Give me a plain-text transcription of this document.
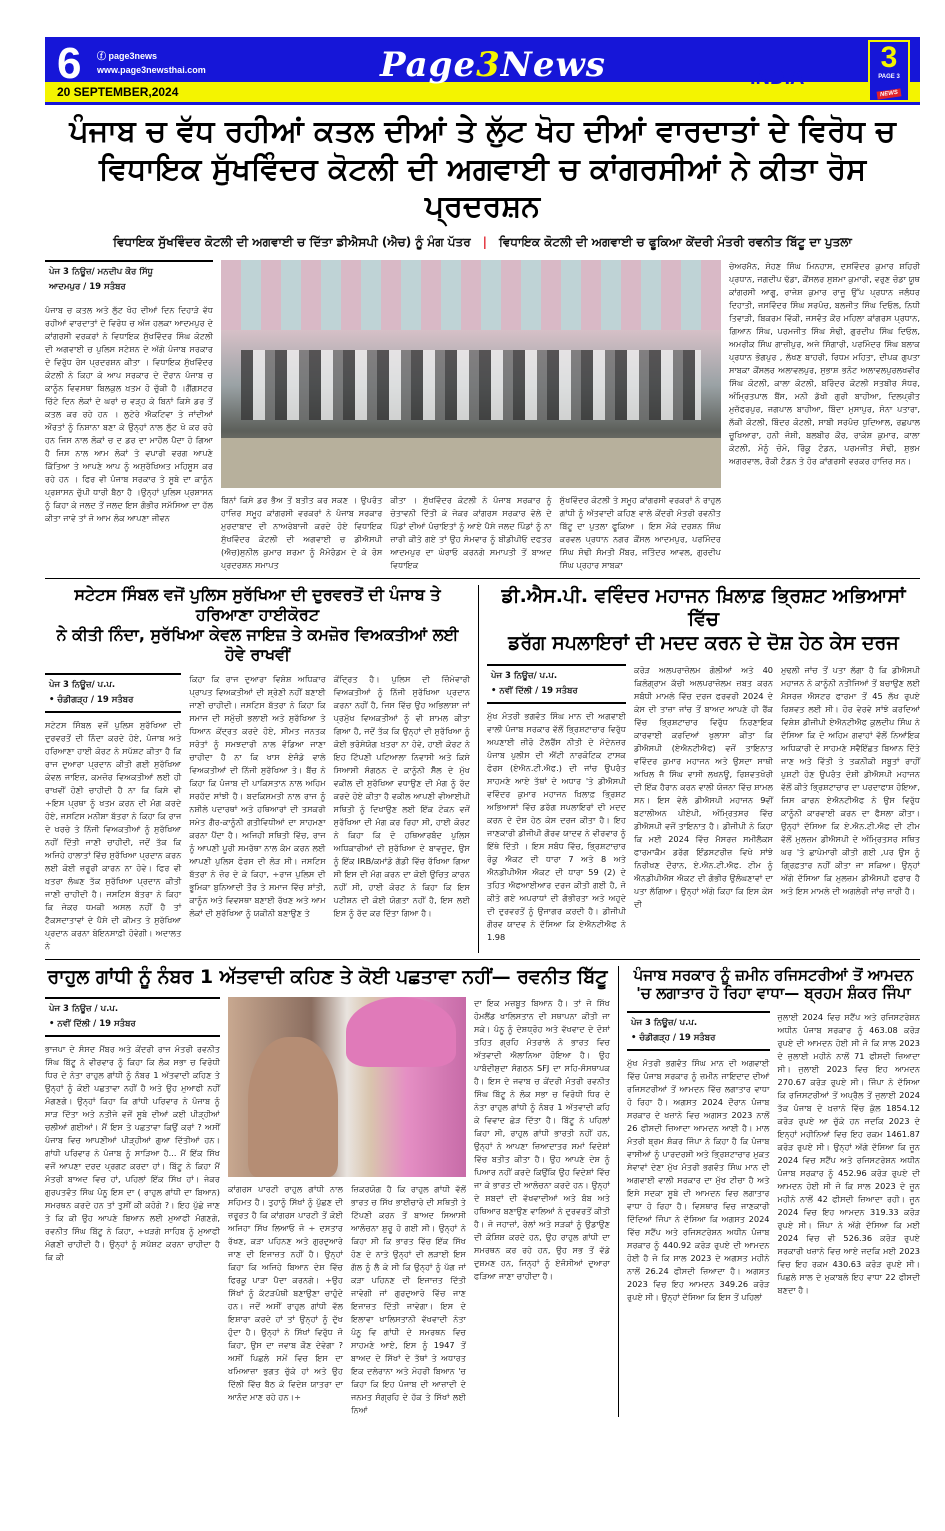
6 ⓕ page3news
www.page3newsthai.com
20 SEPTEMBER,2024
Page3News	INDIA
3
PAGE 3
NEWS
ਪੰਜਾਬ ਚ ਵੱਧ ਰਹੀਆਂ ਕਤਲ ਦੀਆਂ ਤੇ ਲੁੱਟ ਖੋਹ ਦੀਆਂ ਵਾਰਦਾਤਾਂ ਦੇ ਵਿਰੋਧ ਚ
ਵਿਧਾਇਕ ਸੁੱਖਵਿੰਦਰ ਕੋਟਲੀ ਦੀ ਅਗਵਾਈ ਚ ਕਾਂਗਰਸੀਆਂ ਨੇ ਕੀਤਾ ਰੋਸ ਪ੍ਰਦਰਸ਼ਨ
ਵਿਧਾਇਕ ਸੁੱਖਵਿੰਦਰ ਕੋਟਲੀ ਦੀ ਅਗਵਾਈ ਚ ਦਿੱਤਾ ਡੀਐਸਪੀ (ਐਚ) ਨੂੰ ਮੰਗ ਪੱਤਰ | ਵਿਧਾਇਕ ਕੋਟਲੀ ਦੀ ਅਗਵਾਈ ਚ ਫੂਕਿਆ ਕੇਂਦਰੀ ਮੰਤਰੀ ਰਵਨੀਤ ਬਿੱਟੂ ਦਾ ਪੁਤਲਾ
ਪੇਜ 3 ਨਿਊਜ਼/ ਮਨਦੀਪ ਕੌਰ ਸਿੱਧੂ
ਆਦਮਪੁਰ / 19 ਸਤੰਬਰ
ਪੰਜਾਬ ਚ ਕਤਲ ਅਤੇ ਲੁੱਟ ਖੋਹ ਦੀਆਂ ਦਿਨ ਦਿਹਾੜੇ ਵੱਧ ਰਹੀਆਂ ਵਾਰਦਾਤਾਂ ਦੇ ਵਿਰੋਧ ਚ ਅੱਜ ਹਲਕਾ ਆਦਮਪੁਰ ਦੇ ਕਾਂਗਰਸੀ ਵਰਕਰਾਂ ਨੇ ਵਿਧਾਇਕ ਸੁੱਖਵਿੰਦਰ ਸਿੰਘ ਕੋਟਲੀ ਦੀ ਅਗਵਾਈ ਚ ਪੁਲਿਸ ਸਟੇਸ਼ਨ ਦੇ ਅੱਗੇ ਪੰਜਾਬ ਸਰਕਾਰ ਦੇ ਵਿਰੁੱਧ ਰੋਸ ਪ੍ਰਦਰਸ਼ਨ ਕੀਤਾ । ਵਿਧਾਇਕ ਸੁੱਖਵਿੰਦਰ ਕੋਟਲੀ ਨੇ ਕਿਹਾ ਕੇ ਆਪ ਸਰਕਾਰ ਦੇ ਦੌਰਾਨ ਪੰਜਾਬ ਚ ਕਾਨੂੰਨ ਵਿਵਸਥਾ ਬਿਲਕੁਲ ਖ਼ਤਮ ਹੋ ਚੁੱਕੀ ਹੈ ।ਗੈਂਗਸਟਰ ਚਿੱਟੇ ਦਿਨ ਲੋਕਾਂ ਦੇ ਘਰਾਂ ਚ ਵੜ੍ਹ ਕੇ ਬਿਨਾਂ ਕਿਸੇ ਡਰ ਤੋਂ ਕਤਲ ਕਰ ਰਹੇ ਹਨ । ਲੁਟੇਰੇ ਐਕਟਿਵਾ ਤੇ ਜਾਂਦੀਆਂ ਔਰਤਾਂ ਨੂੰ ਨਿਸ਼ਾਨਾ ਬਣਾ ਕੇ ਉਨ੍ਹਾਂ ਨਾਲ ਲੁੱਟ ਖੋ ਕਰ ਰਹੇ ਹਨ ਜਿਸ ਨਾਲ ਲੋਕਾਂ ਚ ਦ ਡਰ ਦਾ ਮਾਹੌਲ ਪੈਦਾ ਹੋ ਗਿਆ ਹੈ ਜਿਸ ਨਾਲ ਆਮ ਲੋਕਾਂ ਤੇ ਵਪਾਰੀ ਵਰਗ ਆਪਣੇ ਕਿੱਤਿਆ ਤੇ ਆਪਣੇ ਆਪ ਨੂੰ ਅਸੁਰੱਖਿਅਤ ਮਹਿਸੂਸ ਕਰ ਰਹੇ ਹਨ । ਫਿਰ ਵੀ ਪੰਜਾਬ ਸਰਕਾਰ ਤੇ ਸੂਬੇ ਦਾ ਕਾਨੂੰਨ ਪ੍ਰਸ਼ਾਸਨ ਚੁੱਪੀ ਧਾਰੀ ਬੈਠਾ ਹੈ ।ਉਨ੍ਹਾਂ ਪੁਲਿਸ ਪ੍ਰਸ਼ਾਸਨ ਨੂੰ ਕਿਹਾ ਕੇ ਜਲਦ ਤੋਂ ਜਲਦ ਇਸ ਗੰਭੀਰ ਸਮੱਸਿਆ ਦਾ ਹੱਲ ਕੀਤਾ ਜਾਵੇ ਤਾਂ ਜੋ ਆਮ ਲੋਕ ਆਪਣਾ ਜੀਵਨ
ਬਿਨਾਂ ਕਿਸੇ ਡਰ ਭੈਅ ਤੋਂ ਬਤੀਤ ਕਰ ਸਕਣ । ਉਪਰੰਤ ਹਾਜ਼ਿਰ ਸਮੂਹ ਕਾਂਗਰਸੀ ਵਰਕਰਾਂ ਨੇ ਪੰਜਾਬ ਸਰਕਾਰ ਮੁਰਦਾਬਾਦ ਦੀ ਨਾਅਰੇਬਾਜੀ ਕਰਦੇ ਹੋਏ ਵਿਧਾਇਕ ਸੁੱਖਵਿੰਦਰ ਕੋਟਲੀ ਦੀ ਅਗਵਾਈ ਚ ਡੀਐਸਪੀ (ਐਚ)ਸੁਨੀਲ ਕੁਮਾਰ ਸ਼ਰਮਾ ਨੂੰ ਮੈਮੋਰੰਡਮ ਦੇ ਕੇ ਰੋਸ ਪ੍ਰਦਰਸ਼ਨ ਸਮਾਪਤ
ਕੀਤਾ । ਸੁੱਖਵਿੰਦਰ ਕੋਟਲੀ ਨੇ ਪੰਜਾਬ ਸਰਕਾਰ ਨੂੰ ਚੇਤਾਵਨੀ ਦਿੱਤੀ ਕੇ ਜੇਕਰ ਕਾਂਗਰਸ ਸਰਕਾਰ ਵੇਲੇ ਦੇ ਪਿੰਡਾਂ ਦੀਆਂ ਪੰਚਾਇਤਾਂ ਨੂੰ ਆਏ ਪੈਸੇ ਜਲਦ ਪਿੰਡਾਂ ਨੂੰ ਨਾ ਜ਼ਾਰੀ ਕੀਤੇ ਗਏ ਤਾਂ ਉਹ ਸੋਮਵਾਰ ਨੂੰ ਬੀਡੀਪੀਓ ਦਫਤਰ ਆਦਮਪੁਰ ਦਾ ਘੇਰਾਓ ਕਰਨਗੇ ਸਮਾਪਤੀ ਤੋਂ ਬਾਅਦ ਵਿਧਾਇਕ
ਸੁੱਖਵਿੰਦਰ ਕੋਟਲੀ ਤੇ ਸਮੂਹ ਕਾਂਗਰਸੀ ਵਰਕਰਾਂ ਨੇ ਰਾਹੁਲ ਗਾਂਧੀ ਨੂੰ ਅੱਤਵਾਦੀ ਕਹਿਣ ਵਾਲੇ ਕੇਂਦਰੀ ਮੰਤਰੀ ਰਵਨੀਤ ਬਿੱਟੂ ਦਾ ਪੁਤਲਾ ਫੂਕਿਆ । ਇਸ ਮੌਕੇ ਦਰਸ਼ਨ ਸਿੰਘ ਕਰਵਲ ਪ੍ਰਧਾਨ ਨਗਰ ਕੌਂਸਲ ਆਦਮਪੁਰ, ਪਰਮਿੰਦਰ ਸਿੰਘ ਸੋਢੀ ਸੰਮਤੀ ਮੈਂਬਰ, ਜਤਿੰਦਰ ਆਵਲ, ਗੁਰਦੀਪ ਸਿੰਘ ਪ੍ਰਹਾਰ ਸਾਬਕਾ
ਚੇਅਰਮੈਨ, ਸੋਹਣ ਸਿੰਘ ਮਿਨਹਾਸ, ਦਸਵਿੰਦਰ ਕੁਮਾਰ ਸ਼ਹਿਰੀ ਪ੍ਰਧਾਨ, ਜਗਦੀਪ ਢੱਡਾ, ਕੌਂਸਲਰ ਸੁਸ਼ਮਾ ਕੁਮਾਰੀ, ਵਰੁਣ ਚੋਡਾ ਯੂਥ ਕਾਂਗਰਸੀ ਆਗੂ, ਰਾਜੇਸ਼ ਕੁਮਾਰ ਰਾਜੂ ਉੱਪ ਪ੍ਰਧਾਨ ਜਲੰਧਰ ਦਿਹਾਤੀ, ਜਸਵਿੰਦਰ ਸਿੰਘ ਸਰਪੰਚ, ਬਲਜੀਤ ਸਿੰਘ ਦਿਓਲ, ਨਿਧੀ ਤਿਵਾੜੀ, ਬਿਕਰਮ ਵਿੱਕੀ, ਜਸਵੰਤ ਕੌਰ ਮਹਿਲਾ ਕਾਂਗਰਸ ਪ੍ਰਧਾਨ, ਗਿਆਨ ਸਿੰਘ, ਪਰਮਜੀਤ ਸਿੰਘ ਸੋਢੀ, ਗੁਰਦੀਪ ਸਿੰਘ ਦਿਓਲ, ਅਮਰੀਕ ਸਿੰਘ ਗਾਜ਼ੀਪੁਰ, ਅਜੇ ਸਿੰਗਾਰੀ, ਪਰਮਿੰਦਰ ਸਿੰਘ ਬਲਾਕ ਪ੍ਰਧਾਨ ਭੋਗਪੁਰ , ਲੱਖਣ ਬਾਹਰੀ, ਰਿਧਮ ਮਹਿਤਾ, ਦੀਪਕ ਗੁਪਤਾ ਸਾਬਕਾ ਕੌਂਸਲਰ ਅਲਾਵਲਪੁਰ, ਸੁਭਾਸ਼ ਭਨੋਟ ਅਲਾਵਲਪੁਰਲਖਵੀਰ ਸਿੰਘ ਕੋਟਲੀ, ਕਾਲਾ ਕੋਟਲੀ, ਬਰਿੰਦਰ ਕੋਟਲੀ ਸਤਬੀਰ ਸੰਧਰ, ਅੰਮ੍ਰਿਤਪਾਲ ਬੈਂਸ, ਮਨੀ ਡੱਖੀ ਗੁਰੀ ਬਾਹੀਆ, ਦਿਲਪ੍ਰੀਤ ਮੁਜ਼ੱਫਰਪੁਰ, ਜਗਪਾਲ ਬਾਹੀਆ, ਬਿੰਦਾ ਮੁਸਾਪੁਰ, ਸੋਨਾ ਪਤਾਰਾ, ਲੱਕੀ ਕੋਟਲੀ, ਬਿੰਦਰ ਕੋਟਲੀ, ਸਾਬੀ ਸਰਪੰਚ ਧੁਦਿਆਲ, ਰਛਪਾਲ ਚੂਖਿਆਰਾ, ਹਨੀ ਜੋਸ਼ੀ, ਬਲਬੀਰ ਕੌਰ, ਰਾਕੇਸ਼ ਕੁਮਾਰ, ਕਾਲਾ ਕੋਟਲੀ, ਮੋਨੂੰ ਚੋਮੋ, ਰਿੰਕੂ ਟੰਡਨ, ਪਰਮਜੀਤ ਸੋਢੀ, ਸ਼ੁਭਮ ਅਗਰਵਾਲ, ਰੌਕੀ ਟੰਡਨ ਤੇ ਹੋਰ ਕਾਂਗਰਸੀ ਵਰਕਰ ਹਾਜ਼ਿਰ ਸਨ।
ਸਟੇਟਸ ਸਿੰਬਲ ਵਜੋਂ ਪੁਲਿਸ ਸੁਰੱਖਿਆ ਦੀ ਦੁਰਵਰਤੋਂ ਦੀ ਪੰਜਾਬ ਤੇ ਹਰਿਆਣਾ ਹਾਈਕੋਰਟ
ਨੇ ਕੀਤੀ ਨਿੰਦਾ, ਸੁਰੱਖਿਆ ਕੇਵਲ ਜਾਇਜ਼ ਤੇ ਕਮਜ਼ੋਰ ਵਿਅਕਤੀਆਂ ਲਈ ਹੋਵੇ ਰਾਖਵੀਂ
ਪੇਜ 3 ਨਿਊਜ਼/ ਪ.ਪ.
• ਚੰਡੀਗੜ੍ਹ / 19 ਸਤੰਬਰ
ਸਟੇਟਸ ਸਿੰਬਲ ਵਜੋਂ ਪੁਲਿਸ ਸੁਰੱਖਿਆ ਦੀ ਦੁਰਵਰਤੋਂ ਦੀ ਨਿੰਦਾ ਕਰਦੇ ਹੋਏ, ਪੰਜਾਬ ਅਤੇ ਹਰਿਆਣਾ ਹਾਈ ਕੋਰਟ ਨੇ ਸਪੱਸ਼ਟ ਕੀਤਾ ਹੈ ਕਿ ਰਾਜ ਦੁਆਰਾ ਪ੍ਰਦਾਨ ਕੀਤੀ ਗਈ ਸੁਰੱਖਿਆ ਕੇਵਲ ਜਾਇਜ਼, ਕਮਜ਼ੋਰ ਵਿਅਕਤੀਆਂ ਲਈ ਹੀ ਰਾਖਵੀਂ ਹੋਣੀ ਚਾਹੀਦੀ ਹੈ ਨਾ ਕਿ ਕਿਸੇ ਵੀ ÷ਇਸ ਪ੍ਰਥਾ ਨੂੰ ਖਤਮ ਕਰਨ ਦੀ ਮੰਗ ਕਰਦੇ ਹੋਏ, ਜਸਟਿਸ ਮਨੀਸ਼ਾ ਬੱਤਰਾ ਨੇ ਕਿਹਾ ਕਿ ਰਾਜ ਦੇ ਖਰਚੇ ਤੇ ਨਿੱਜੀ ਵਿਅਕਤੀਆਂ ਨੂੰ ਸੁਰੱਖਿਆ ਨਹੀਂ ਦਿੱਤੀ ਜਾਣੀ ਚਾਹੀਦੀ, ਜਦੋਂ ਤੱਕ ਕਿ ਅਜਿਹੇ ਹਾਲਾਤਾਂ ਵਿੱਚ ਸੁਰੱਖਿਆ ਪ੍ਰਦਾਨ ਕਰਨ ਲਈ ਕੋਈ ਜ਼ਰੂਰੀ ਕਾਰਨ ਨਾ ਹੋਵੇ। ਫਿਰ ਵੀ ਖ਼ਤਰਾ ਲੰਘਣ ਤੱਕ ਸੁਰੱਖਿਆ ਪ੍ਰਦਾਨ ਕੀਤੀ ਜਾਣੀ ਚਾਹੀਦੀ ਹੈ। ਜਸਟਿਸ ਬੱਤਰਾ ਨੇ ਕਿਹਾ ਕਿ ਜੇਕਰ ਧਮਕੀ ਅਸਲ ਨਹੀਂ ਹੈ ਤਾਂ ਟੈਕਸਦਾਤਾਵਾਂ ਦੇ ਪੈਸੇ ਦੀ ਕੀਮਤ ਤੇ ਸੁਰੱਖਿਆ ਪ੍ਰਦਾਨ ਕਰਨਾ ਬੇਇਨਸਾਫ਼ੀ ਹੋਵੇਗੀ। ਅਦਾਲਤ ਨੇ
ਕਿਹਾ ਕਿ ਰਾਜ ਦੁਆਰਾ ਵਿਸ਼ੇਸ਼ ਅਧਿਕਾਰ ਪ੍ਰਾਪਤ ਵਿਅਕਤੀਆਂ ਦੀ ਸ਼੍ਰੇਣੀ ਨਹੀਂ ਬਣਾਈ ਜਾਣੀ ਚਾਹੀਦੀ। ਜਸਟਿਸ ਬੱਤਰਾ ਨੇ ਕਿਹਾ ਕਿ ਸਮਾਜ ਦੀ ਸਮੁੱਚੀ ਭਲਾਈ ਅਤੇ ਸੁਰੱਖਿਆ ਤੇ ਧਿਆਨ ਕੇਂਦ੍ਰਤ ਕਰਦੇ ਹੋਏ, ਸੀਮਤ ਜਨਤਕ ਸਰੋਤਾਂ ਨੂੰ ਸਮਝਦਾਰੀ ਨਾਲ ਵੰਡਿਆ ਜਾਣਾ ਚਾਹੀਦਾ ਹੈ ਨਾ ਕਿ ਖਾਸ ਏਜੰਡੇ ਵਾਲੇ ਵਿਅਕਤੀਆਂ ਦੀ ਨਿੱਜੀ ਸੁਰੱਖਿਆ ਤੇ। ਬੈਂਚ ਨੇ ਕਿਹਾ ਕਿ ਪੰਜਾਬ ਦੀ ਪਾਕਿਸਤਾਨ ਨਾਲ ਅਹਿਮ ਸਰਹੱਦ ਸਾਂਝੀ ਹੈ। ਬਦਕਿਸਮਤੀ ਨਾਲ ਰਾਜ ਨੂੰ ਨਸ਼ੀਲੇ ਪਦਾਰਥਾਂ ਅਤੇ ਹਥਿਆਰਾਂ ਦੀ ਤਸਕਰੀ ਸਮੇਤ ਗੈਰ-ਕਾਨੂੰਨੀ ਗਤੀਵਿਧੀਆਂ ਦਾ ਸਾਹਮਣਾ ਕਰਨਾ ਪੈਂਦਾ ਹੈ। ਅਜਿਹੀ ਸਥਿਤੀ ਵਿੱਚ, ਰਾਜ ਨੂੰ ਆਪਣੀ ਪੂਰੀ ਸਮਰੱਥਾ ਨਾਲ ਕੰਮ ਕਰਨ ਲਈ ਆਪਣੀ ਪੁਲਿਸ ਫੋਰਸ ਦੀ ਲੋੜ ਸੀ। ਜਸਟਿਸ ਬੱਤਰਾ ਨੇ ਜ਼ੋਰ ਦੇ ਕੇ ਕਿਹਾ, ÷ਰਾਜ ਪੁਲਿਸ ਦੀ ਭੂਮਿਕਾ ਬੁਨਿਆਦੀ ਤੌਰ ਤੇ ਸਮਾਜ ਵਿੱਚ ਸ਼ਾਂਤੀ, ਕਾਨੂੰਨ ਅਤੇ ਵਿਵਸਥਾ ਬਣਾਈ ਰੱਖਣ ਅਤੇ ਆਮ ਲੋਕਾਂ ਦੀ ਸੁਰੱਖਿਆ ਨੂੰ ਯਕੀਨੀ ਬਣਾਉਣ ਤੇ
ਕੇਂਦ੍ਰਿਤ ਹੈ। ਪੁਲਿਸ ਦੀ ਜ਼ਿੰਮੇਵਾਰੀ ਵਿਅਕਤੀਆਂ ਨੂੰ ਨਿੱਜੀ ਸੁਰੱਖਿਆ ਪ੍ਰਦਾਨ ਕਰਨਾ ਨਹੀਂ ਹੈ, ਜਿਸ ਵਿੱਚ ਉਹ ਅਭਿਲਾਸ਼ਾ ਜਾਂ ਪ੍ਰਮੁੱਖ ਵਿਅਕਤੀਆਂ ਨੂੰ ਵੀ ਸ਼ਾਮਲ ਕੀਤਾ ਗਿਆ ਹੈ, ਜਦੋਂ ਤੱਕ ਕਿ ਉਨ੍ਹਾਂ ਦੀ ਸੁਰੱਖਿਆ ਨੂੰ ਕੋਈ ਭਰੋਸੇਯੋਗ ਖ਼ਤਰਾ ਨਾ ਹੋਵੇ, ਹਾਈ ਕੋਰਟ ਨੇ ਇਹ ਟਿੱਪਣੀ ਪਟਿਆਲਾ ਨਿਵਾਸੀ ਅਤੇ ਕਿਸੇ ਸਿਆਸੀ ਸੰਗਠਨ ਦੇ ਕਾਨੂੰਨੀ ਸੈੱਲ ਦੇ ਮੁੱਖ ਵਕੀਲ ਦੀ ਸੁਰੱਖਿਆ ਵਧਾਉਣ ਦੀ ਮੰਗ ਨੂੰ ਰੱਦ ਕਰਦੇ ਹੋਏ ਕੀਤਾ ਹੈ ਵਕੀਲ ਆਪਣੀ ਵੀਆਈਪੀ ਸਥਿਤੀ ਨੂੰ ਦਿਖਾਉਣ ਲਈ ਇੱਕ ਟੋਕਨ ਵਜੋਂ ਸੁਰੱਖਿਆ ਦੀ ਮੰਗ ਕਰ ਰਿਹਾ ਸੀ, ਹਾਈ ਕੋਰਟ ਨੇ ਕਿਹਾ ਕਿ ਦੋ ਹਥਿਆਰਬੰਦ ਪੁਲਿਸ ਅਧਿਕਾਰੀਆਂ ਦੀ ਸੁਰੱਖਿਆ ਦੇ ਬਾਵਜੂਦ, ਉਸ ਨੂੰ ਇੱਕ IRB/ਕਮਾਂਡੋ ਗੱਡੀ ਵਿੱਚ ਰੱਖਿਆ ਗਿਆ ਸੀ ਇਸ ਦੀ ਮੰਗ ਕਰਨ ਦਾ ਕੋਈ ਉਚਿਤ ਕਾਰਨ ਨਹੀਂ ਸੀ, ਹਾਈ ਕੋਰਟ ਨੇ ਕਿਹਾ ਕਿ ਇਸ ਪਟੀਸ਼ਨ ਦੀ ਕੋਈ ਯੋਗਤਾ ਨਹੀਂ ਹੈ, ਇਸ ਲਈ ਇਸ ਨੂੰ ਰੱਦ ਕਰ ਦਿੱਤਾ ਗਿਆ ਹੈ।
ਡੀ.ਐਸ.ਪੀ. ਵਵਿੰਦਰ ਮਹਾਜਨ ਖ਼ਿਲਾਫ਼ ਭ੍ਰਿਸ਼ਟ ਅਭਿਆਸਾਂ ਵਿੱਚ
ਡਰੱਗ ਸਪਲਾਇਰਾਂ ਦੀ ਮਦਦ ਕਰਨ ਦੇ ਦੋਸ਼ ਹੇਠ ਕੇਸ ਦਰਜ
ਪੇਜ 3 ਨਿਊਜ਼/ ਪ.ਪ.
• ਨਵੀਂ ਦਿੱਲੀ / 19 ਸਤੰਬਰ
ਮੁੱਖ ਮੰਤਰੀ ਭਗਵੰਤ ਸਿੰਘ ਮਾਨ ਦੀ ਅਗਵਾਈ ਵਾਲੀ ਪੰਜਾਬ ਸਰਕਾਰ ਵੱਲੋਂ ਭ੍ਰਿਸ਼ਟਾਚਾਰ ਵਿਰੁੱਧ ਅਪਣਾਈ ਜ਼ੀਰੋ ਟੌਲਰੈਂਸ ਨੀਤੀ ਦੇ ਮੱਦੇਨਜ਼ਰ ਪੰਜਾਬ ਪੁਲੀਸ ਦੀ ਐਂਟੀ ਨਾਰਕੋਟਿਕ ਟਾਸਕ ਫੋਰਸ (ਏਐਨ.ਟੀ.ਐਫ.) ਦੀ ਜਾਂਚ ਉਪਰੰਤ ਸਾਹਮਣੇ ਆਏ ਤੱਥਾਂ ਦੇ ਅਧਾਰ 'ਤੇ ਡੀਐਸਪੀ ਵਵਿੰਦਰ ਕੁਮਾਰ ਮਹਾਜਨ ਖ਼ਿਲਾਫ਼ ਭ੍ਰਿਸ਼ਟ ਅਭਿਆਸਾਂ ਵਿੱਚ ਡਰੱਗ ਸਪਲਾਇਰਾਂ ਦੀ ਮਦਦ ਕਰਨ ਦੇ ਦੋਸ਼ ਹੇਠ ਕੇਸ ਦਰਜ ਕੀਤਾ ਹੈ। ਇਹ ਜਾਣਕਾਰੀ ਡੀਜੀਪੀ ਗੌਰਵ ਯਾਦਵ ਨੇ ਵੀਰਵਾਰ ਨੂੰ ਇੱਥੇ ਦਿੱਤੀ । ਇਸ ਸਬੰਧ ਵਿੱਚ, ਭ੍ਰਿਸ਼ਟਾਚਾਰ ਰੋਕੂ ਐਕਟ ਦੀ ਧਾਰਾ 7 ਅਤੇ 8 ਅਤੇ ਐਨਡੀਪੀਐਸ ਐਕਟ ਦੀ ਧਾਰਾ 59 (2) ਦੇ ਤਹਿਤ ਐਫਆਈਆਰ ਦਰਜ ਕੀਤੀ ਗਈ ਹੈ, ਜੋ ਕੀਤੇ ਗਏ ਅਪਰਾਧਾਂ ਦੀ ਗੰਭੀਰਤਾ ਅਤੇ ਅਹੁਦੇ ਦੀ ਦੁਰਵਰਤੋਂ ਨੂੰ ਉਜਾਗਰ ਕਰਦੀ ਹੈ। ਡੀਜੀਪੀ ਗੌਰਵ ਯਾਦਵ ਨੇ ਦੱਸਿਆ ਕਿ ਏਐਨਟੀਐਫ ਨੇ 1.98
ਕਰੋੜ ਅਲਪਰਾਜ਼ੋਲਮ ਗੋਲੀਆਂ ਅਤੇ 40 ਕਿਲੋਗ੍ਰਾਮ ਕੱਚੀ ਅਲਪਰਾਜ਼ੋਲਮ ਜ਼ਬਤ ਕਰਨ ਸਬੰਧੀ ਮਾਮਲੇ ਵਿੱਚ ਦਰਜ ਫਰਵਰੀ 2024 ਦੇ ਕੇਸ ਦੀ ਤਾਜ਼ਾ ਜਾਂਚ ਤੋਂ ਬਾਅਦ ਆਪਣੇ ਹੀ ਰੈਂਕ ਵਿੱਚ ਭ੍ਰਿਸ਼ਟਾਚਾਰ ਵਿਰੁੱਧ ਨਿਰਣਾਇਕ ਕਾਰਵਾਈ ਕਰਦਿਆਂ ਖੁਲਾਸਾ ਕੀਤਾ ਕਿ ਡੀਐਸਪੀ (ਏਐਨਟੀਐਫ) ਵਜੋਂ ਤਾਇਨਾਤ ਵਵਿੰਦਰ ਕੁਮਾਰ ਮਹਾਜਨ ਅਤੇ ਉਸਦਾ ਸਾਥੀ ਅਖਿਲ ਜੈ ਸਿੰਘ ਵਾਸੀ ਲਖਨਊ, ਰਿਸ਼ਵਤਖੋਰੀ ਦੀ ਇੱਕ ਹੈਰਾਨ ਕਰਨ ਵਾਲੀ ਯੋਜਨਾ ਵਿੱਚ ਸ਼ਾਮਲ ਸਨ। ਇਸ ਵੇਲੇ ਡੀਐਸਪੀ ਮਹਾਜਨ 9ਵੀਂ ਬਟਾਲੀਅਨ ਪੀਏਪੀ, ਅੰਮ੍ਰਿਤਸਰ ਵਿੱਚ ਡੀਐਸਪੀ ਵਜੋਂ ਤਾਇਨਾਤ ਹੈ। ਡੀਜੀਪੀ ਨੇ ਕਿਹਾ ਕਿ ਮਈ 2024 ਵਿੱਚ ਮੈਸਰਜ਼ ਸਮੀਲੈਕਸ ਫਾਰਮਾਕੈਮ ਡਰੱਗ ਇੰਡਸਟਰੀਜ਼ ਵਿਖੇ ਸਾਂਝੇ ਨਿਰੀਖਣ ਦੌਰਾਨ, ਏ.ਐਨ.ਟੀ.ਐਫ. ਟੀਮ ਨੂੰ ਐਨਡੀਪੀਐਸ ਐਕਟ ਦੀ ਗੰਭੀਰ ਉਲੰਘਣਾਵਾਂ ਦਾ ਪਤਾ ਲੱਗਿਆ। ਉਨ੍ਹਾਂ ਅੱਗੇ ਕਿਹਾ ਕਿ ਇਸ ਕੇਸ ਦੀ
ਮੁਢਲੀ ਜਾਂਚ ਤੋਂ ਪਤਾ ਲੱਗਾ ਹੈ ਕਿ ਡੀਐਸਪੀ ਮਹਾਜਨ ਨੇ ਕਾਨੂੰਨੀ ਨਤੀਜਿਆਂ ਤੋਂ ਬਚਾਉਣ ਲਈ ਮੈਸਰਜ਼ ਐਸਟਰ ਫਾਰਮਾ ਤੋਂ 45 ਲੱਖ ਰੁਪਏ ਰਿਸ਼ਵਤ ਲਈ ਸੀ। ਹੋਰ ਵੇਰਵੇ ਸਾਂਝੇ ਕਰਦਿਆਂ ਵਿਸ਼ੇਸ਼ ਡੀਜੀਪੀ ਏਐਨਟੀਐਫ ਕੁਲਦੀਪ ਸਿੰਘ ਨੇ ਦੱਸਿਆ ਕਿ ਦੋ ਅਹਿਮ ਗਵਾਹਾਂ ਵੱਲੋਂ ਨਿਆਂਇਕ ਅਧਿਕਾਰੀ ਦੇ ਸਾਹਮਣੇ ਸਵੈਇੱਛਤ ਬਿਆਨ ਦਿੱਤੇ ਜਾਣ ਅਤੇ ਵਿੱਤੀ ਤੇ ਤਕਨੀਕੀ ਸਬੂਤਾਂ ਰਾਹੀਂ ਪੁਸ਼ਟੀ ਹੋਣ ਉਪਰੰਤ ਦੋਸ਼ੀ ਡੀਐਸਪੀ ਮਹਾਜਨ ਵੱਲੋਂ ਕੀਤੇ ਭ੍ਰਿਸ਼ਟਾਚਾਰ ਦਾ ਪਰਦਾਫਾਸ਼ ਹੋਇਆ, ਜਿਸ ਕਾਰਨ ਏਐਨਟੀਐਫ ਨੇ ਉਸ ਵਿਰੁੱਧ ਕਾਨੂੰਨੀ ਕਾਰਵਾਈ ਕਰਨ ਦਾ ਫੈਸਲਾ ਕੀਤਾ। ਉਨ੍ਹਾਂ ਦੱਸਿਆ ਕਿ ਏ.ਐਨ.ਟੀ.ਐਫ ਦੀ ਟੀਮ ਵੱਲੋਂ ਮੁਲਜ਼ਮ ਡੀਐਸਪੀ ਦੇ ਅੰਮ੍ਰਿਤਸਰ ਸਥਿਤ ਘਰ 'ਤੇ ਛਾਪੇਮਾਰੀ ਕੀਤੀ ਗਈ ,ਪਰ ਉਸ ਨੂੰ ਗ੍ਰਿਫ਼ਤਾਰ ਨਹੀਂ ਕੀਤਾ ਜਾ ਸਕਿਆ। ਉਨ੍ਹਾਂ ਅੱਗੇ ਦੱਸਿਆ ਕਿ ਮੁਲਜ਼ਮ ਡੀਐਸਪੀ ਫਰਾਰ ਹੈ ਅਤੇ ਇਸ ਮਾਮਲੇ ਦੀ ਅਗਲੇਰੀ ਜਾਂਚ ਜਾਰੀ ਹੈ।
ਰਾਹੁਲ ਗਾਂਧੀ ਨੂੰ ਨੰਬਰ 1 ਅੱਤਵਾਦੀ ਕਹਿਣ ਤੇ ਕੋਈ ਪਛਤਾਵਾ ਨਹੀਂ— ਰਵਨੀਤ ਬਿੱਟੂ
ਪੇਜ 3 ਨਿਊਜ਼ / ਪ.ਪ.
• ਨਵੀਂ ਦਿੱਲੀ / 19 ਸਤੰਬਰ
ਭਾਜਪਾ ਦੇ ਸੰਸਦ ਮੈਂਬਰ ਅਤੇ ਕੇਂਦਰੀ ਰਾਜ ਮੰਤਰੀ ਰਵਨੀਤ ਸਿੰਘ ਬਿੱਟੂ ਨੇ ਵੀਰਵਾਰ ਨੂੰ ਕਿਹਾ ਕਿ ਲੋਕ ਸਭਾ ਚ ਵਿਰੋਧੀ ਧਿਰ ਦੇ ਨੇਤਾ ਰਾਹੁਲ ਗਾਂਧੀ ਨੂੰ ਨੰਬਰ 1 ਅੱਤਵਾਦੀ ਕਹਿਣ ਤੇ ਉਨ੍ਹਾਂ ਨੂੰ ਕੋਈ ਪਛਤਾਵਾ ਨਹੀਂ ਹੈ ਅਤੇ ਉਹ ਮੁਆਫੀ ਨਹੀਂ ਮੰਗਣਗੇ। ਉਨ੍ਹਾਂ ਕਿਹਾ ਕਿ ਗਾਂਧੀ ਪਰਿਵਾਰ ਨੇ ਪੰਜਾਬ ਨੂੰ ਸਾੜ ਦਿੱਤਾ ਅਤੇ ਨਤੀਜੇ ਵਜੋਂ ਸੂਬੇ ਦੀਆਂ ਕਈ ਪੀੜ੍ਹੀਆਂ ਚਲੀਆਂ ਗਈਆਂ। ਮੈਂ ਇਸ ਤੇ ਪਛਤਾਵਾ ਕਿਉਂ ਕਰਾਂ ? ਅਸੀਂ ਪੰਜਾਬ ਵਿਚ ਆਪਣੀਆਂ ਪੀੜ੍ਹੀਆਂ ਗੁਆ ਦਿੱਤੀਆਂ ਹਨ। ਗਾਂਧੀ ਪਰਿਵਾਰ ਨੇ ਪੰਜਾਬ ਨੂੰ ਸਾੜਿਆ ਹੈ... ਮੈਂ ਇੱਕ ਸਿੱਖ ਵਜੋਂ ਆਪਣਾ ਦਰਦ ਪ੍ਰਗਟ ਕਰਦਾ ਹਾਂ। ਬਿੱਟੂ ਨੇ ਕਿਹਾ ਮੈਂ ਮੰਤਰੀ ਬਾਅਦ ਵਿਚ ਹਾਂ, ਪਹਿਲਾਂ ਇੱਕ ਸਿੱਖ ਹਾਂ। ਜੇਕਰ ਗੁਰਪਤਵੰਤ ਸਿੰਘ ਪੰਨੂ ਇਸ ਦਾ ( ਰਾਹੁਲ ਗਾਂਧੀ ਦਾ ਬਿਆਨ) ਸਮਰਥਨ ਕਰਦੇ ਹਨ ਤਾਂ ਤੁਸੀਂ ਕੀ ਕਹੋਗੇ ?। ਇਹ ਪੁੱਛੇ ਜਾਣ ਤੇ ਕਿ ਕੀ ਉਹ ਆਪਣੇ ਬਿਆਨ ਲਈ ਮੁਆਫੀ ਮੰਗਣਗੇ, ਰਵਨੀਤ ਸਿੰਘ ਬਿੱਟੂ ਨੇ ਕਿਹਾ, ÷ਖੜਗੇ ਸਾਹਿਬ ਨੂੰ ਮੁਆਫੀ ਮੰਗਣੀ ਚਾਹੀਦੀ ਹੈ। ਉਨ੍ਹਾਂ ਨੂੰ ਸਪੱਸ਼ਟ ਕਰਨਾ ਚਾਹੀਦਾ ਹੈ ਕਿ ਕੀ
ਕਾਂਗਰਸ ਪਾਰਟੀ ਰਾਹੁਲ ਗਾਂਧੀ ਨਾਲ ਸਹਿਮਤ ਹੈ। ਤੁਹਾਨੂੰ ਸਿੱਖਾਂ ਨੂੰ ਪੁੱਛਣ ਦੀ ਜ਼ਰੂਰਤ ਹੈ ਕਿ ਕਾਂਗਰਸ ਪਾਰਟੀ ਤੋਂ ਕੋਈ ਅਜਿਹਾ ਸਿੱਖ ਲਿਆਓ ਜੋ ÷ ਦਸਤਾਰ ਰੱਖਣ, ਕੜਾ ਪਹਿਨਣ ਅਤੇ ਗੁਰਦੁਆਰੇ ਜਾਣ ਦੀ ਇਜਾਜ਼ਤ ਨਹੀਂ ਹੈ। ਉਨ੍ਹਾਂ ਕਿਹਾ ਕਿ ਅਜਿਹੇ ਬਿਆਨ ਦੇਸ਼ ਵਿੱਚ ਫਿਰਕੂ ਪਾੜਾ ਪੈਦਾ ਕਰਨਗੇ। ÷ਉਹ ਸਿੱਖਾਂ ਨੂੰ ਕੱਟੜਪੰਥੀ ਬਣਾਉਣਾ ਚਾਹੁੰਦੇ ਹਨ। ਜਦੋਂ ਅਸੀਂ ਰਾਹੁਲ ਗਾਂਧੀ ਵੱਲ ਇਸ਼ਾਰਾ ਕਰਦੇ ਹਾਂ ਤਾਂ ਉਨ੍ਹਾਂ ਨੂੰ ਦੁੱਖ ਹੁੰਦਾ ਹੈ। ਉਨ੍ਹਾਂ ਨੇ ਸਿੱਖਾਂ ਵਿਰੁੱਧ ਜੋ ਕਿਹਾ, ਉਸ ਦਾ ਜਵਾਬ ਕੌਣ ਦੇਵੇਗਾ ? ਅਸੀਂ ਪਿਛਲੇ ਸਮੇਂ ਵਿਚ ਇਸ ਦਾ ਖਮਿਆਜ਼ਾ ਭੁਗਤ ਚੁੱਕੇ ਹਾਂ ਅਤੇ ਉਹ ਦਿੱਲੀ ਵਿੱਚ ਬੈਠ ਕੇ ਵਿਦੇਸ਼ ਯਾਤਰਾ ਦਾ ਆਨੰਦ ਮਾਣ ਰਹੇ ਹਨ।÷
ਜ਼ਿਕਰਯੋਗ ਹੈ ਕਿ ਰਾਹੁਲ ਗਾਂਧੀ ਵੱਲੋਂ ਭਾਰਤ ਚ ਸਿੱਖ ਭਾਈਚਾਰੇ ਦੀ ਸਥਿਤੀ ਤੇ ਟਿੱਪਣੀ ਕਰਨ ਤੋਂ ਬਾਅਦ ਸਿਆਸੀ ਆਲੋਚਨਾ ਸ਼ੁਰੂ ਹੋ ਗਈ ਸੀ। ਉਨ੍ਹਾਂ ਨੇ ਕਿਹਾ ਸੀ ਕਿ ਭਾਰਤ ਵਿੱਚ ਇੱਕ ਸਿੱਖ ਹੋਣ ਦੇ ਨਾਤੇ ਉਨ੍ਹਾਂ ਦੀ ਲੜਾਈ ਇਸ ਗੱਲ ਨੂੰ ਲੈ ਕੇ ਸੀ ਕਿ ਉਨ੍ਹਾਂ ਨੂੰ ਪੱਗ ਜਾਂ ਕੜਾ ਪਹਿਨਣ ਦੀ ਇਜਾਜ਼ਤ ਦਿੱਤੀ ਜਾਵੇਗੀ ਜਾਂ ਗੁਰਦੁਆਰੇ ਵਿੱਚ ਜਾਣ ਇਜਾਜ਼ਤ ਦਿੱਤੀ ਜਾਵੇਗਾ। ਇਸ ਦੇ ਇਲਾਵਾ ਖਾਲਿਸਤਾਨੀ ਵੱਖਵਾਦੀ ਨੇਤਾ ਪੰਨੂ ਵਿ ਗਾਂਧੀ ਦੇ ਸਮਰਥਨ ਵਿਚ ਸਾਹਮਣੇ ਆਏ, ਇਸ ਨੂੰ 1947 ਤੋਂ ਬਾਅਦ ਦੇ ਸਿੱਖਾਂ ਦੇ ਤੱਥਾਂ ਤੇ ਅਧਾਰਤ ਇਕ ਦਲੇਰਾਨਾ ਅਤੇ ਮੋਹਰੀ ਬਿਆਨ 'ਚ ਕਿਹਾ ਕਿ ਇਹ ਪੰਜਾਬ ਦੀ ਆਜ਼ਾਦੀ ਦੇ ਜਨਮਤ ਸੰਗ੍ਰਹਿ ਦੇ ਹੱਕ ਤੇ ਸਿੱਖਾਂ ਲਈ ਨਿਆਂ
ਦਾ ਇਕ ਮਜ਼ਬੂਤ ਬਿਆਨ ਹੈ। ਤਾਂ ਜੋ ਸਿੱਖ ਹੋਮਲੈਂਡ ਖਾਲਿਸਤਾਨ ਦੀ ਸਥਾਪਨਾ ਕੀਤੀ ਜਾ ਸਕੇ। ਪੰਨੂ ਨੂੰ ਦੇਸ਼ਧ੍ਰੋਹ ਅਤੇ ਵੱਖਵਾਦ ਦੇ ਦੋਸ਼ਾਂ ਤਹਿਤ ਗ੍ਰਹਿ ਮੰਤਰਾਲੇ ਨੇ ਭਾਰਤ ਵਿਚ ਅੱਤਵਾਦੀ ਐਲਾਨਿਆ ਹੋਇਆ ਹੈ। ਉਹ ਪਾਬੰਦੀਸ਼ੁਦਾ ਸੰਗਠਨ SFJ ਦਾ ਸਹਿ-ਸੰਸਥਾਪਕ ਹੈ। ਇਸ ਦੇ ਜਵਾਬ ਚ ਕੇਂਦਰੀ ਮੰਤਰੀ ਰਵਨੀਤ ਸਿੰਘ ਬਿੱਟੂ ਨੇ ਲੋਕ ਸਭਾ ਚ ਵਿਰੋਧੀ ਧਿਰ ਦੇ ਨੇਤਾ ਰਾਹੁਲ ਗਾਂਧੀ ਨੂੰ ਨੰਬਰ 1 ਅੱਤਵਾਦੀ ਕਹਿ ਕੇ ਵਿਵਾਦ ਛੇੜ ਦਿੱਤਾ ਹੈ। ਬਿੱਟੂ ਨੇ ਪਹਿਲਾਂ ਕਿਹਾ ਸੀ, ਰਾਹੁਲ ਗਾਂਧੀ ਭਾਰਤੀ ਨਹੀਂ ਹਨ, ਉਨ੍ਹਾਂ ਨੇ ਆਪਣਾ ਜ਼ਿਆਦਾਤਰ ਸਮਾਂ ਵਿਦੇਸ਼ਾਂ ਵਿੱਚ ਬਤੀਤ ਕੀਤਾ ਹੈ। ਉਹ ਆਪਣੇ ਦੇਸ਼ ਨੂੰ ਪਿਆਰ ਨਹੀਂ ਕਰਦੇ ਕਿਉਂਕਿ ਉਹ ਵਿਦੇਸ਼ਾਂ ਵਿੱਚ ਜਾ ਕੇ ਭਾਰਤ ਦੀ ਆਲੋਚਨਾ ਕਰਦੇ ਹਨ। ਉਨ੍ਹਾਂ ਦੇ ਸ਼ਬਦਾਂ ਦੀ ਵੱਖਵਾਦੀਆਂ ਅਤੇ ਬੰਬ ਅਤੇ ਹਥਿਆਰ ਬਣਾਉਣ ਵਾਲਿਆਂ ਨੇ ਦੁਰਵਰਤੋਂ ਕੀਤੀ ਹੈ। ਜੋ ਜਹਾਜ਼ਾਂ, ਰੇਲਾਂ ਅਤੇ ਸੜਕਾਂ ਨੂੰ ਉਡਾਉਣ ਦੀ ਕੋਸ਼ਿਸ਼ ਕਰਦੇ ਹਨ, ਉਹ ਰਾਹੁਲ ਗਾਂਧੀ ਦਾ ਸਮਰਥਨ ਕਰ ਰਹੇ ਹਨ, ਉਹ ਸਭ ਤੋਂ ਵੱਡੇ ਦੁਸ਼ਮਣ ਹਨ, ਜਿਨ੍ਹਾਂ ਨੂੰ ਏਜੰਸੀਆਂ ਦੁਆਰਾ ਫੜਿਆ ਜਾਣਾ ਚਾਹੀਦਾ ਹੈ।
ਪੰਜਾਬ ਸਰਕਾਰ ਨੂੰ ਜ਼ਮੀਨ ਰਜਿਸਟਰੀਆਂ ਤੋਂ ਆਮਦਨ
'ਚ ਲਗਾਤਾਰ ਹੋ ਰਿਹਾ ਵਾਧਾ— ਬ੍ਰਹਮ ਸ਼ੰਕਰ ਜਿੰਪਾ
ਪੇਜ 3 ਨਿਊਜ਼/ ਪ.ਪ.
• ਚੰਡੀਗੜ੍ਹ / 19 ਸਤੰਬਰ
ਮੁੱਖ ਮੰਤਰੀ ਭਗਵੰਤ ਸਿੰਘ ਮਾਨ ਦੀ ਅਗਵਾਈ ਵਿੱਚ ਪੰਜਾਬ ਸਰਕਾਰ ਨੂੰ ਜ਼ਮੀਨ ਜਾਇਦਾਦ ਦੀਆਂ ਰਜਿਸਟਰੀਆਂ ਤੋਂ ਆਮਦਨ ਵਿੱਚ ਲਗਾਤਾਰ ਵਾਧਾ ਹੋ ਰਿਹਾ ਹੈ। ਅਗਸਤ 2024 ਦੌਰਾਨ ਪੰਜਾਬ ਸਰਕਾਰ ਦੇ ਖਜ਼ਾਨੇ ਵਿਚ ਅਗਸਤ 2023 ਨਾਲੋਂ 26 ਫੀਸਦੀ ਜ਼ਿਆਦਾ ਆਮਦਨ ਆਈ ਹੈ। ਮਾਲ ਮੰਤਰੀ ਬ੍ਰਮ ਸ਼ੰਕਰ ਜਿੰਪਾ ਨੇ ਕਿਹਾ ਹੈ ਕਿ ਪੰਜਾਬ ਵਾਸੀਆਂ ਨੂੰ ਪਾਰਦਰਸ਼ੀ ਅਤੇ ਭ੍ਰਿਸ਼ਟਾਚਾਰ ਮੁਕਤ ਸੇਵਾਵਾਂ ਦੇਣਾ ਮੁੱਖ ਮੰਤਰੀ ਭਗਵੰਤ ਸਿੰਘ ਮਾਨ ਦੀ ਅਗਵਾਈ ਵਾਲੀ ਸਰਕਾਰ ਦਾ ਮੁੱਖ ਟੀਚਾ ਹੈ ਅਤੇ ਇਸੇ ਸਦਕਾ ਸੂਬੇ ਦੀ ਆਮਦਨ ਵਿਚ ਲਗਾਤਾਰ ਵਾਧਾ ਹੋ ਰਿਹਾ ਹੈ। ਵਿਸਥਾਰ ਵਿਚ ਜਾਣਕਾਰੀ ਦਿੰਦਿਆਂ ਜਿੰਪਾ ਨੇ ਦੱਸਿਆ ਕਿ ਅਗਸਤ 2024 ਵਿੱਚ ਸਟੈਂਪ ਅਤੇ ਰਜਿਸਟਰੇਸ਼ਨ ਅਧੀਨ ਪੰਜਾਬ ਸਰਕਾਰ ਨੂੰ 440.92 ਕਰੋੜ ਰੁਪਏ ਦੀ ਆਮਦਨ ਹੋਈ ਹੈ ਜੋ ਕਿ ਸਾਲ 2023 ਦੇ ਅਗਸਤ ਮਹੀਨੇ ਨਾਲੋਂ 26.24 ਫੀਸਦੀ ਜ਼ਿਆਦਾ ਹੈ। ਅਗਸਤ 2023 ਵਿਚ ਇਹ ਆਮਦਨ 349.26 ਕਰੋੜ ਰੁਪਏ ਸੀ। ਉਨ੍ਹਾਂ ਦੱਸਿਆ ਕਿ ਇਸ ਤੋਂ ਪਹਿਲਾਂ
ਜੁਲਾਈ 2024 ਵਿਚ ਸਟੈਂਪ ਅਤੇ ਰਜਿਸਟਰੇਸ਼ਨ ਅਧੀਨ ਪੰਜਾਬ ਸਰਕਾਰ ਨੂੰ 463.08 ਕਰੋੜ ਰੁਪਏ ਦੀ ਆਮਦਨ ਹੋਈ ਸੀ ਜੋ ਕਿ ਸਾਲ 2023 ਦੇ ਜੁਲਾਈ ਮਹੀਨੇ ਨਾਲੋਂ 71 ਫੀਸਦੀ ਜ਼ਿਆਦਾ ਸੀ। ਜੁਲਾਈ 2023 ਵਿਚ ਇਹ ਆਮਦਨ 270.67 ਕਰੋੜ ਰੁਪਏ ਸੀ। ਜਿੰਪਾ ਨੇ ਦੱਸਿਆ ਕਿ ਰਜਿਸਟਰੀਆਂ ਤੋਂ ਅਪ੍ਰੈਲ ਤੋਂ ਜੁਲਾਈ 2024 ਤੱਕ ਪੰਜਾਬ ਦੇ ਖ਼ਜ਼ਾਨੇ ਵਿੱਚ ਕੁੱਲ 1854.12 ਕਰੋੜ ਰੁਪਏ ਆ ਚੁੱਕੇ ਹਨ ਜਦਕਿ 2023 ਦੇ ਇਨ੍ਹਾਂ ਮਹੀਨਿਆਂ ਵਿਚ ਇਹ ਰਕਮ 1461.87 ਕਰੋੜ ਰੁਪਏ ਸੀ। ਉਨ੍ਹਾਂ ਅੱਗੇ ਦੱਸਿਆ ਕਿ ਜੂਨ 2024 ਵਿਚ ਸਟੈਂਪ ਅਤੇ ਰਜਿਸਟਰੇਸ਼ਨ ਅਧੀਨ ਪੰਜਾਬ ਸਰਕਾਰ ਨੂੰ 452.96 ਕਰੋੜ ਰੁਪਏ ਦੀ ਆਮਦਨ ਹੋਈ ਸੀ ਜੋ ਕਿ ਸਾਲ 2023 ਦੇ ਜੂਨ ਮਹੀਨੇ ਨਾਲੋਂ 42 ਫੀਸਦੀ ਜ਼ਿਆਦਾ ਰਹੀ। ਜੂਨ 2024 ਵਿਚ ਇਹ ਆਮਦਨ 319.33 ਕਰੋੜ ਰੁਪਏ ਸੀ। ਜਿੰਪਾ ਨੇ ਅੱਗੇ ਦੱਸਿਆ ਕਿ ਮਈ 2024 ਵਿਚ ਵੀ 526.36 ਕਰੋੜ ਰੁਪਏ ਸਰਕਾਰੀ ਖਜ਼ਾਨੇ ਵਿਚ ਆਏ ਜਦਕਿ ਮਈ 2023 ਵਿਚ ਇਹ ਰਕਮ 430.63 ਕਰੋੜ ਰੁਪਏ ਸੀ। ਪਿਛਲੇ ਸਾਲ ਦੇ ਮੁਕਾਬਲੇ ਇਹ ਵਾਧਾ 22 ਫੀਸਦੀ ਬਣਦਾ ਹੈ।
